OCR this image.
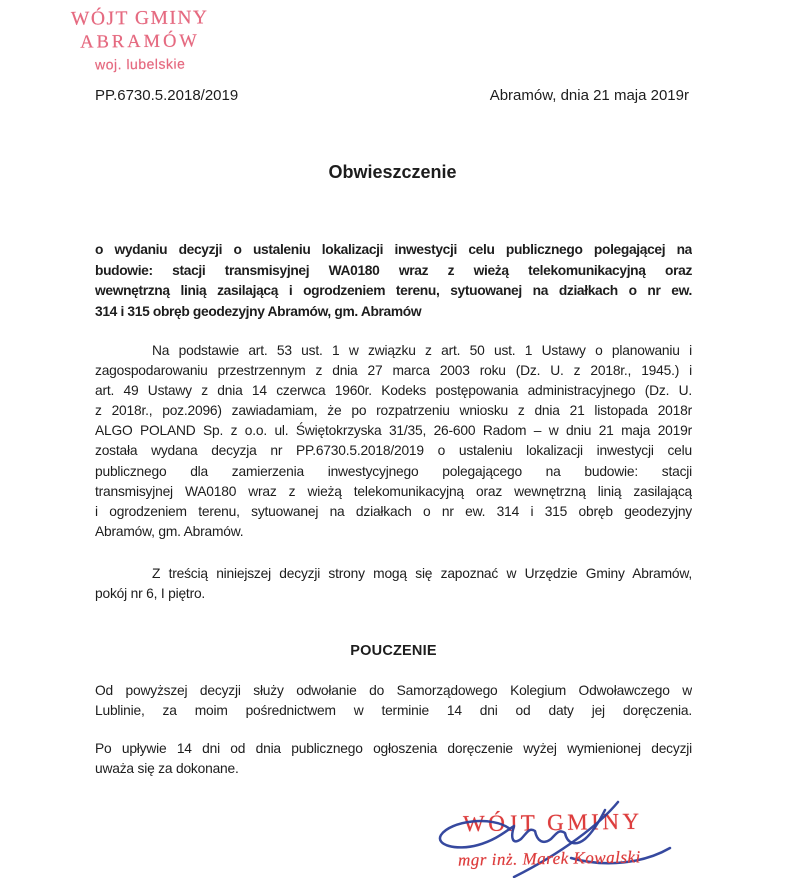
WÓJT GMINY
ABRAMÓW
woj. lubelskie
PP.6730.5.2018/2019	Abramów, dnia 21 maja 2019r
Obwieszczenie
o wydaniu decyzji o ustaleniu lokalizacji inwestycji celu publicznego polegającej na
budowie: stacji transmisyjnej WA0180 wraz z wieżą telekomunikacyjną oraz
wewnętrzną linią zasilającą i ogrodzeniem terenu, sytuowanej na działkach o nr ew.
314 i 315 obręb geodezyjny Abramów, gm. Abramów
Na podstawie art. 53 ust. 1 w związku z art. 50 ust. 1 Ustawy o planowaniu i
zagospodarowaniu przestrzennym z dnia 27 marca 2003 roku (Dz. U. z 2018r., 1945.) i
art. 49 Ustawy z dnia 14 czerwca 1960r. Kodeks postępowania administracyjnego (Dz. U.
z 2018r., poz.2096) zawiadamiam, że po rozpatrzeniu wniosku z dnia 21 listopada 2018r
ALGO POLAND Sp. z o.o. ul. Świętokrzyska 31/35, 26-600 Radom – w dniu 21 maja 2019r
została wydana decyzja nr PP.6730.5.2018/2019 o ustaleniu lokalizacji inwestycji celu
publicznego dla zamierzenia inwestycyjnego polegającego na budowie: stacji
transmisyjnej WA0180 wraz z wieżą telekomunikacyjną oraz wewnętrzną linią zasilającą
i ogrodzeniem terenu, sytuowanej na działkach o nr ew. 314 i 315 obręb geodezyjny
Abramów, gm. Abramów.
Z treścią niniejszej decyzji strony mogą się zapoznać w Urzędzie Gminy Abramów,
pokój nr 6, I piętro.
POUCZENIE
Od powyższej decyzji służy odwołanie do Samorządowego Kolegium Odwoławczego w
Lublinie, za moim pośrednictwem w terminie 14 dni od daty jej doręczenia.
Po upływie 14 dni od dnia publicznego ogłoszenia doręczenie wyżej wymienionej decyzji
uważa się za dokonane.
WÓJT GMINY
mgr inż. Marek Kowalski
